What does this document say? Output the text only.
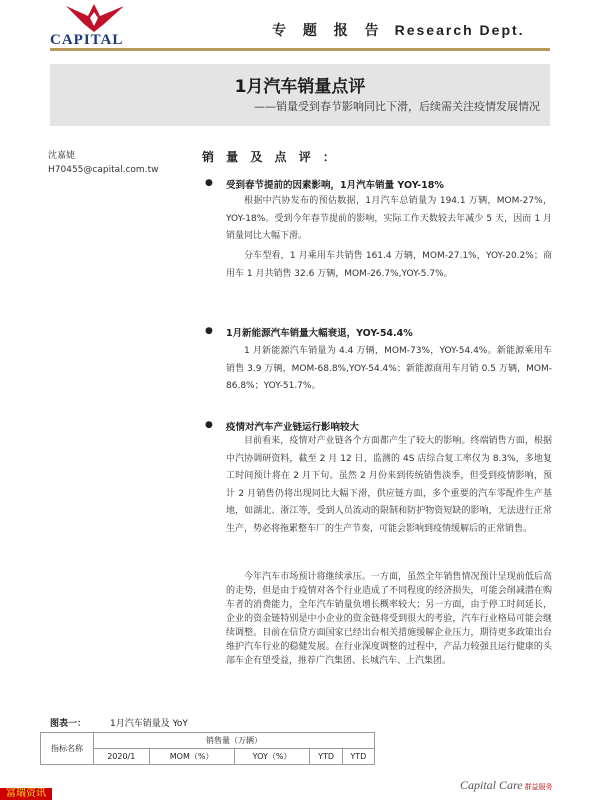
CAPITAL
专 题 报 告 Research Dept.
1月汽车销量点评
——销量受到春节影响同比下滑，后续需关注疫情发展情况
沈嘉婕
H70455@capital.com.tw
销 量 及 点 评 ：
● 受到春节提前的因素影响，1月汽车销量 YOY-18%
根据中汽协发布的预估数据，1月汽车总销量为 194.1 万辆，MOM-27%，YOY-18%。受到今年春节提前的影响，实际工作天数较去年减少 5 天，因而 1 月销量同比大幅下滑。
分车型看，1 月乘用车共销售 161.4 万辆，MOM-27.1%，YOY-20.2%；商用车 1 月共销售 32.6 万辆，MOM-26.7%,YOY-5.7%。
● 1月新能源汽车销量大幅衰退，YOY-54.4%
1 月新能源汽车销量为 4.4 万辆，MOM-73%，YOY-54.4%。新能源乘用车销售 3.9 万辆，MOM-68.8%,YOY-54.4%；新能源商用车月销 0.5 万辆，MOM-86.8%；YOY-51.7%。
● 疫情对汽车产业链运行影响较大
目前看来，疫情对产业链各个方面都产生了较大的影响。终端销售方面，根据中汽协调研资料，截至 2 月 12 日，监测的 4S 店综合复工率仅为 8.3%，多地复工时间预计将在 2 月下旬。虽然 2 月份来到传统销售淡季，但受到疫情影响，预计 2 月销售仍将出现同比大幅下滑，供应链方面，多个重要的汽车零配件生产基地，如湖北、浙江等，受到人员流动的限制和防护物资短缺的影响，无法进行正常生产，势必将拖累整车厂的生产节奏，可能会影响到疫情缓解后的正常销售。
今年汽车市场预计将继续承压。一方面，虽然全年销售情况预计呈现前低后高的走势，但是由于疫情对各个行业造成了不同程度的经济损失，可能会削减潜在购车者的消费能力，全年汽车销量负增长概率较大；另一方面，由于停工时间延长，企业的资金链特别是中小企业的资金链将受到很大的考验，汽车行业格局可能会继续调整。目前在信贷方面国家已经出台相关措施缓解企业压力，期待更多政策出台维护汽车行业的稳健发展。在行业深度调整的过程中，产品力较强且运行健康的头部车企有望受益，推荐广汽集团、长城汽车、上汽集团。
图表一：	1月汽车销量及 YoY
指标名称	销售量（万辆）				
	2020/1	MOM（%）	YOY（%）	YTD	YTD
富瑞资讯
Capital Care 群益服务
